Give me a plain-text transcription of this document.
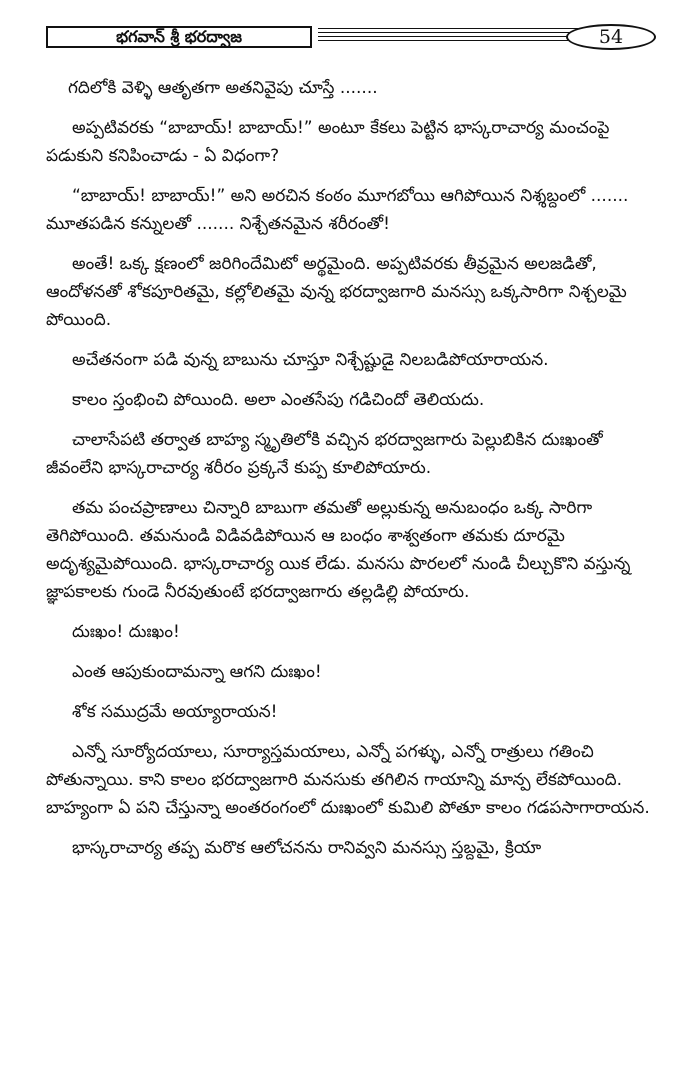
భగవాన్ శ్రీ భరద్వాజ	54

గదిలోకి వెళ్ళి ఆతృతగా అతనివైపు చూస్తే .......

అప్పటివరకు “బాబాయ్! బాబాయ్!” అంటూ కేకలు పెట్టిన భాస్కరాచార్య మంచంపై పడుకుని కనిపించాడు - ఏ విధంగా?

“బాబాయ్! బాబాయ్!” అని అరచిన కంఠం మూగబోయి ఆగిపోయిన నిశ్శబ్దంలో ....... మూతపడిన కన్నులతో ....... నిశ్చేతనమైన శరీరంతో!

అంతే! ఒక్క క్షణంలో జరిగిందేమిటో అర్థమైంది. అప్పటివరకు తీవ్రమైన అలజడితో, ఆందోళనతో శోకపూరితమై, కల్లోలితమై వున్న భరద్వాజగారి మనస్సు ఒక్కసారిగా నిశ్చలమై పోయింది.

అచేతనంగా పడి వున్న బాబును చూస్తూ నిశ్చేష్టుడై నిలబడిపోయారాయన.

కాలం స్తంభించి పోయింది. అలా ఎంతసేపు గడిచిందో తెలియదు.

చాలాసేపటి తర్వాత బాహ్య స్మృతిలోకి వచ్చిన భరద్వాజగారు పెల్లుబికిన దుఃఖంతో జీవంలేని భాస్కరాచార్య శరీరం ప్రక్కనే కుప్ప కూలిపోయారు.

తమ పంచప్రాణాలు చిన్నారి బాబుగా తమతో అల్లుకున్న అనుబంధం ఒక్క సారిగా తెగిపోయింది. తమనుండి విడివడిపోయిన ఆ బంధం శాశ్వతంగా తమకు దూరమై అదృశ్యమైపోయింది. భాస్కరాచార్య యిక లేడు. మనసు పొరలలో నుండి చీల్చుకొని వస్తున్న జ్ఞాపకాలకు గుండె నీరవుతుంటే భరద్వాజగారు తల్లడిల్లి పోయారు.

దుఃఖం! దుఃఖం!

ఎంత ఆపుకుందామన్నా ఆగని దుఃఖం!

శోక సముద్రమే అయ్యారాయన!

ఎన్నో సూర్యోదయాలు, సూర్యాస్తమయాలు, ఎన్నో పగళ్ళు, ఎన్నో రాత్రులు గతించి పోతున్నాయి. కాని కాలం భరద్వాజగారి మనసుకు తగిలిన గాయాన్ని మాన్ప లేకపోయింది. బాహ్యంగా ఏ పని చేస్తున్నా అంతరంగంలో దుఃఖంలో కుమిలి పోతూ కాలం గడపసాగారాయన.

భాస్కరాచార్య తప్ప మరొక ఆలోచనను రానివ్వని మనస్సు స్తబ్దమై, క్రియా
